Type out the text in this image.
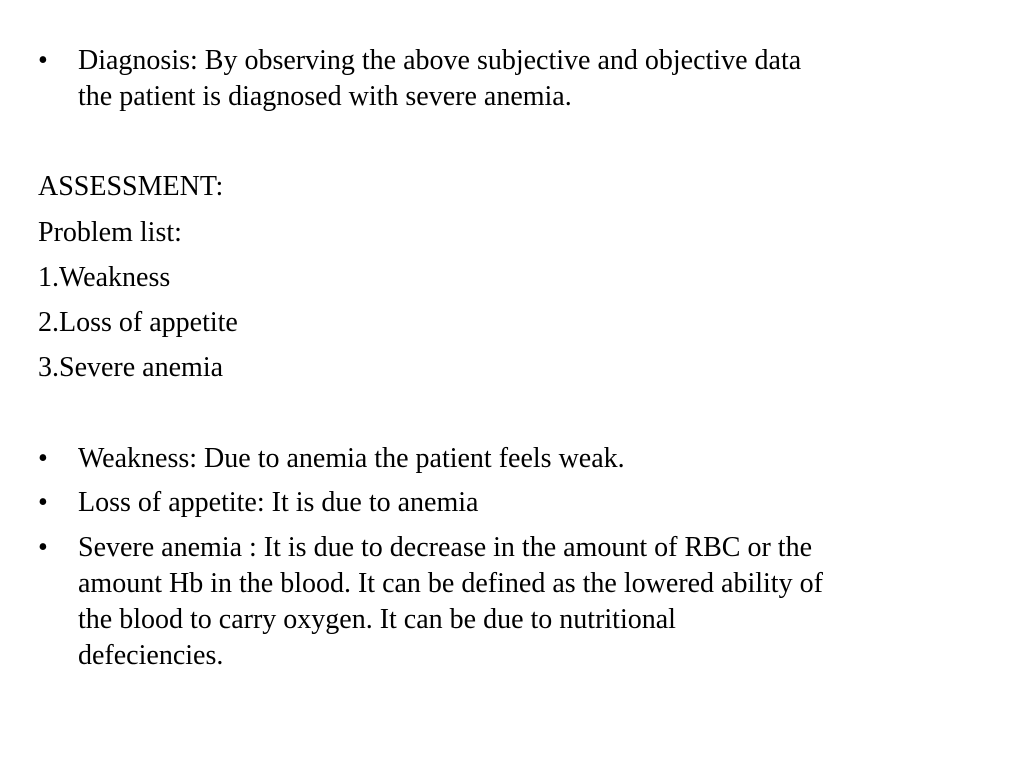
•	Diagnosis: By observing the above subjective and objective data
the patient is diagnosed with severe anemia.
ASSESSMENT:
Problem list:
1.Weakness
2.Loss of appetite
3.Severe anemia
•	Weakness: Due to anemia the patient feels weak.
•	Loss of appetite: It is due to anemia
•	Severe anemia : It is due to decrease in the amount of RBC or the
amount Hb in the blood. It can be defined as the lowered ability of
the blood to carry oxygen. It can be due to nutritional
defeciencies.
